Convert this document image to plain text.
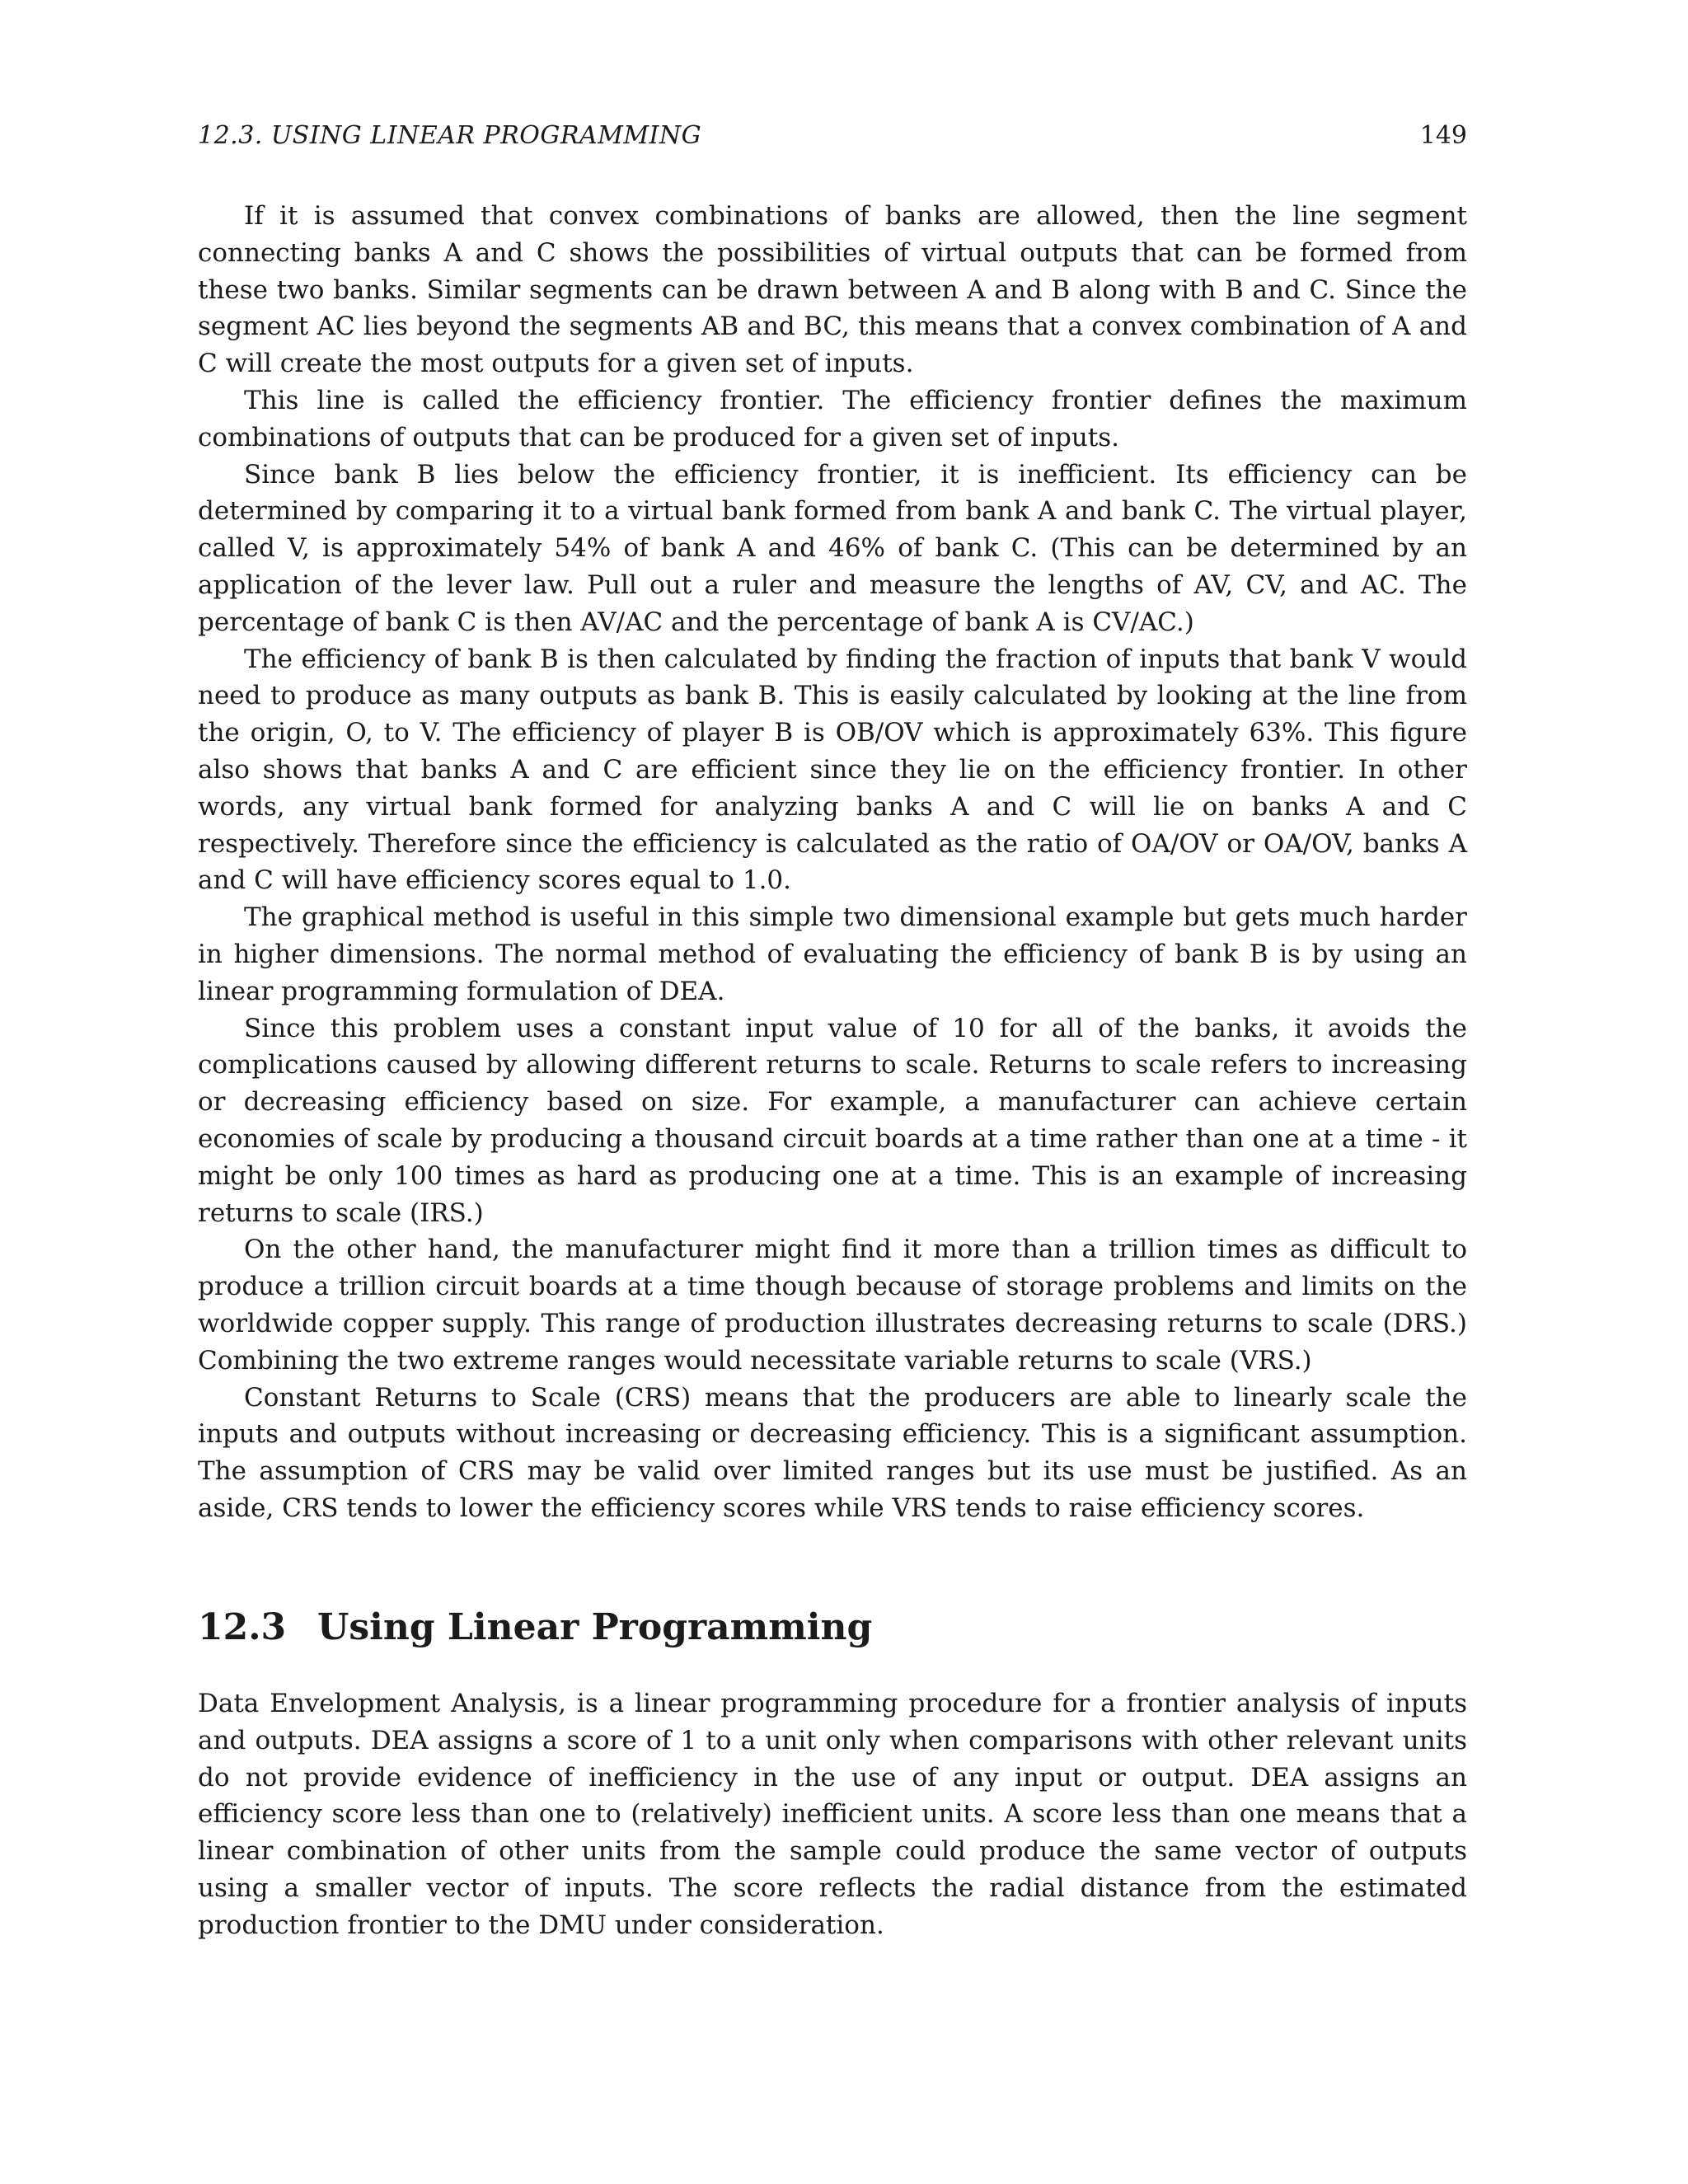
12.3. USING LINEAR PROGRAMMING	149

If it is assumed that convex combinations of banks are allowed, then the line segment connecting banks A and C shows the possibilities of virtual outputs that can be formed from these two banks. Similar segments can be drawn between A and B along with B and C. Since the segment AC lies beyond the segments AB and BC, this means that a convex combination of A and C will create the most outputs for a given set of inputs.

This line is called the efficiency frontier. The efficiency frontier defines the maximum combinations of outputs that can be produced for a given set of inputs.

Since bank B lies below the efficiency frontier, it is inefficient. Its efficiency can be determined by comparing it to a virtual bank formed from bank A and bank C. The virtual player, called V, is approximately 54% of bank A and 46% of bank C. (This can be determined by an application of the lever law. Pull out a ruler and measure the lengths of AV, CV, and AC. The percentage of bank C is then AV/AC and the percentage of bank A is CV/AC.)

The efficiency of bank B is then calculated by finding the fraction of inputs that bank V would need to produce as many outputs as bank B. This is easily calculated by looking at the line from the origin, O, to V. The efficiency of player B is OB/OV which is approximately 63%. This figure also shows that banks A and C are efficient since they lie on the efficiency frontier. In other words, any virtual bank formed for analyzing banks A and C will lie on banks A and C respectively. Therefore since the efficiency is calculated as the ratio of OA/OV or OA/OV, banks A and C will have efficiency scores equal to 1.0.

The graphical method is useful in this simple two dimensional example but gets much harder in higher dimensions. The normal method of evaluating the efficiency of bank B is by using an linear programming formulation of DEA.

Since this problem uses a constant input value of 10 for all of the banks, it avoids the complications caused by allowing different returns to scale. Returns to scale refers to increasing or decreasing efficiency based on size. For example, a manufacturer can achieve certain economies of scale by producing a thousand circuit boards at a time rather than one at a time - it might be only 100 times as hard as producing one at a time. This is an example of increasing returns to scale (IRS.)

On the other hand, the manufacturer might find it more than a trillion times as difficult to produce a trillion circuit boards at a time though because of storage problems and limits on the worldwide copper supply. This range of production illustrates decreasing returns to scale (DRS.) Combining the two extreme ranges would necessitate variable returns to scale (VRS.)

Constant Returns to Scale (CRS) means that the producers are able to linearly scale the inputs and outputs without increasing or decreasing efficiency. This is a significant assumption. The assumption of CRS may be valid over limited ranges but its use must be justified. As an aside, CRS tends to lower the efficiency scores while VRS tends to raise efficiency scores.

12.3 Using Linear Programming

Data Envelopment Analysis, is a linear programming procedure for a frontier analysis of inputs and outputs. DEA assigns a score of 1 to a unit only when comparisons with other relevant units do not provide evidence of inefficiency in the use of any input or output. DEA assigns an efficiency score less than one to (relatively) inefficient units. A score less than one means that a linear combination of other units from the sample could produce the same vector of outputs using a smaller vector of inputs. The score reflects the radial distance from the estimated production frontier to the DMU under consideration.
